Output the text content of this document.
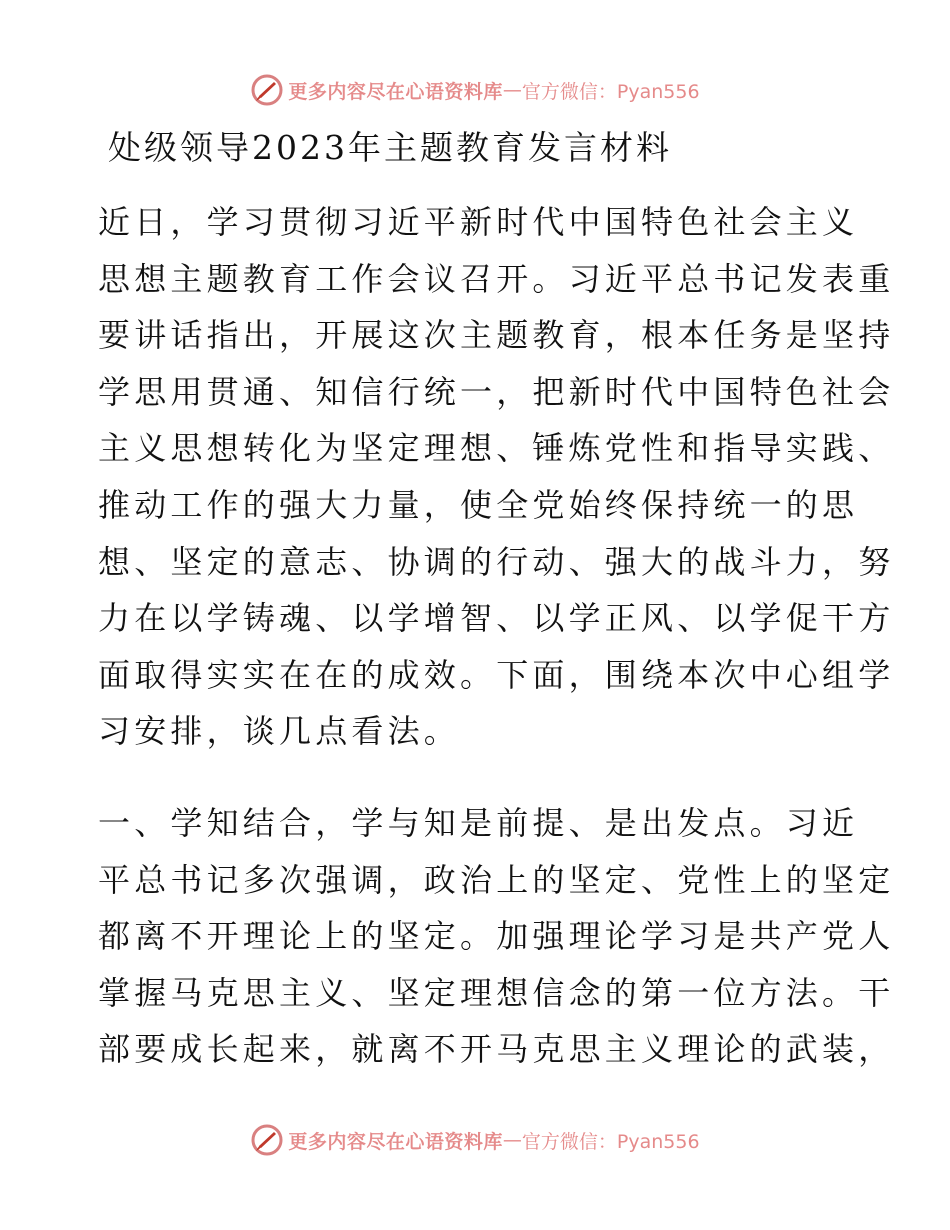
更多内容尽在心语资料库 — 官方微信：Pyan556
处级领导2023年主题教育发言材料
近日，学习贯彻习近平新时代中国特色社会主义
思想主题教育工作会议召开。习近平总书记发表重
要讲话指出，开展这次主题教育，根本任务是坚持
学思用贯通、知信行统一，把新时代中国特色社会
主义思想转化为坚定理想、锤炼党性和指导实践、
推动工作的强大力量，使全党始终保持统一的思
想、坚定的意志、协调的行动、强大的战斗力，努
力在以学铸魂、以学增智、以学正风、以学促干方
面取得实实在在的成效。下面，围绕本次中心组学
习安排，谈几点看法。
一、学知结合，学与知是前提、是出发点。习近
平总书记多次强调，政治上的坚定、党性上的坚定
都离不开理论上的坚定。加强理论学习是共产党人
掌握马克思主义、坚定理想信念的第一位方法。干
部要成长起来，就离不开马克思主义理论的武装，
更多内容尽在心语资料库 — 官方微信：Pyan556
